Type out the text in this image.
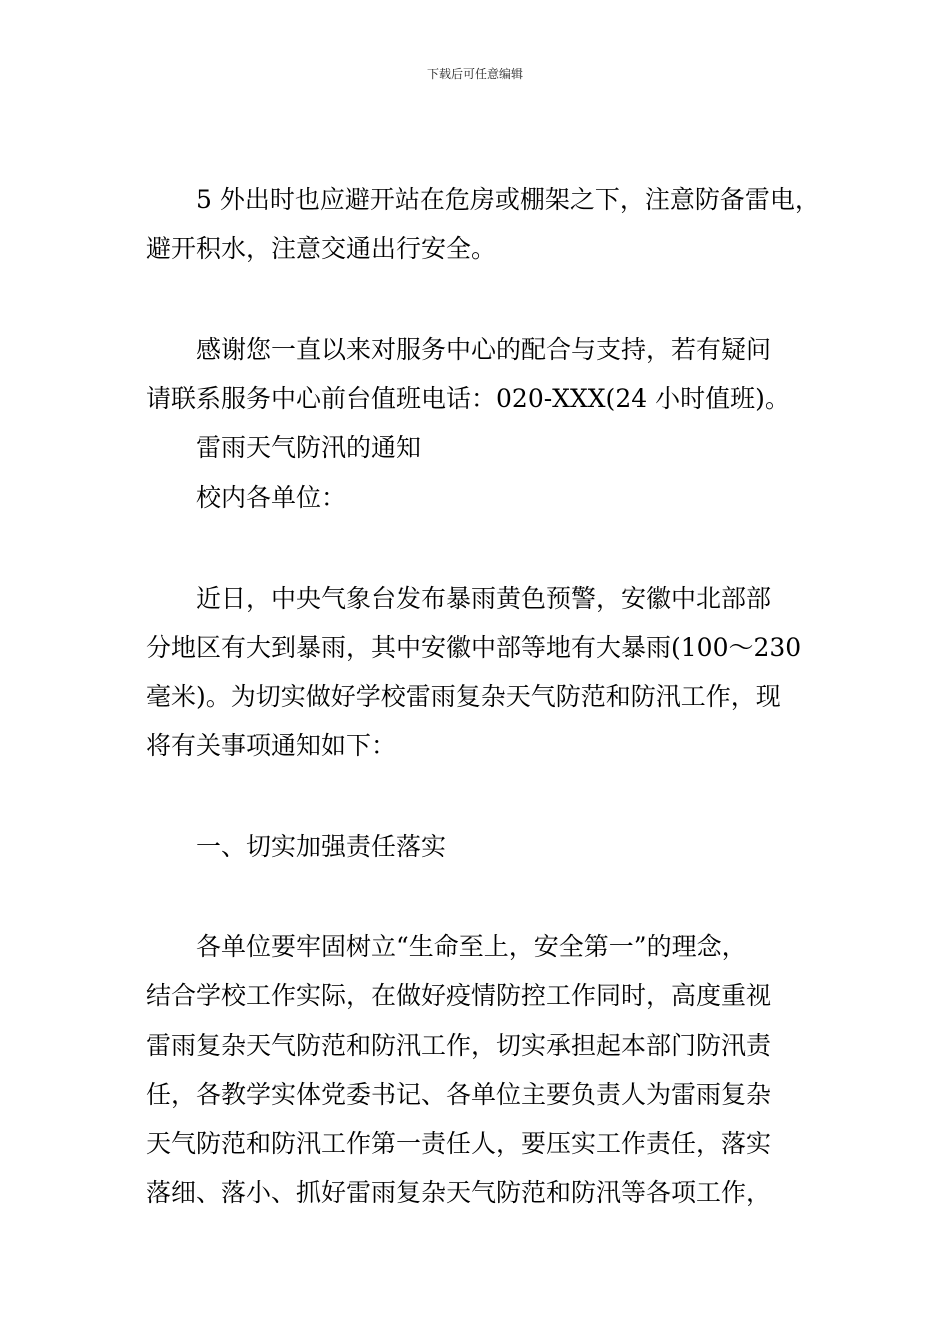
下载后可任意编辑
5 外出时也应避开站在危房或棚架之下，注意防备雷电，
避开积水，注意交通出行安全。
感谢您一直以来对服务中心的配合与支持，若有疑问
请联系服务中心前台值班电话：020-XXX(24 小时值班)。
雷雨天气防汛的通知
校内各单位：
近日，中央气象台发布暴雨黄色预警，安徽中北部部
分地区有大到暴雨，其中安徽中部等地有大暴雨(100～230
毫米)。为切实做好学校雷雨复杂天气防范和防汛工作，现
将有关事项通知如下：
一、切实加强责任落实
各单位要牢固树立“生命至上，安全第一”的理念，
结合学校工作实际，在做好疫情防控工作同时，高度重视
雷雨复杂天气防范和防汛工作，切实承担起本部门防汛责
任，各教学实体党委书记、各单位主要负责人为雷雨复杂
天气防范和防汛工作第一责任人，要压实工作责任，落实
落细、落小、抓好雷雨复杂天气防范和防汛等各项工作，
